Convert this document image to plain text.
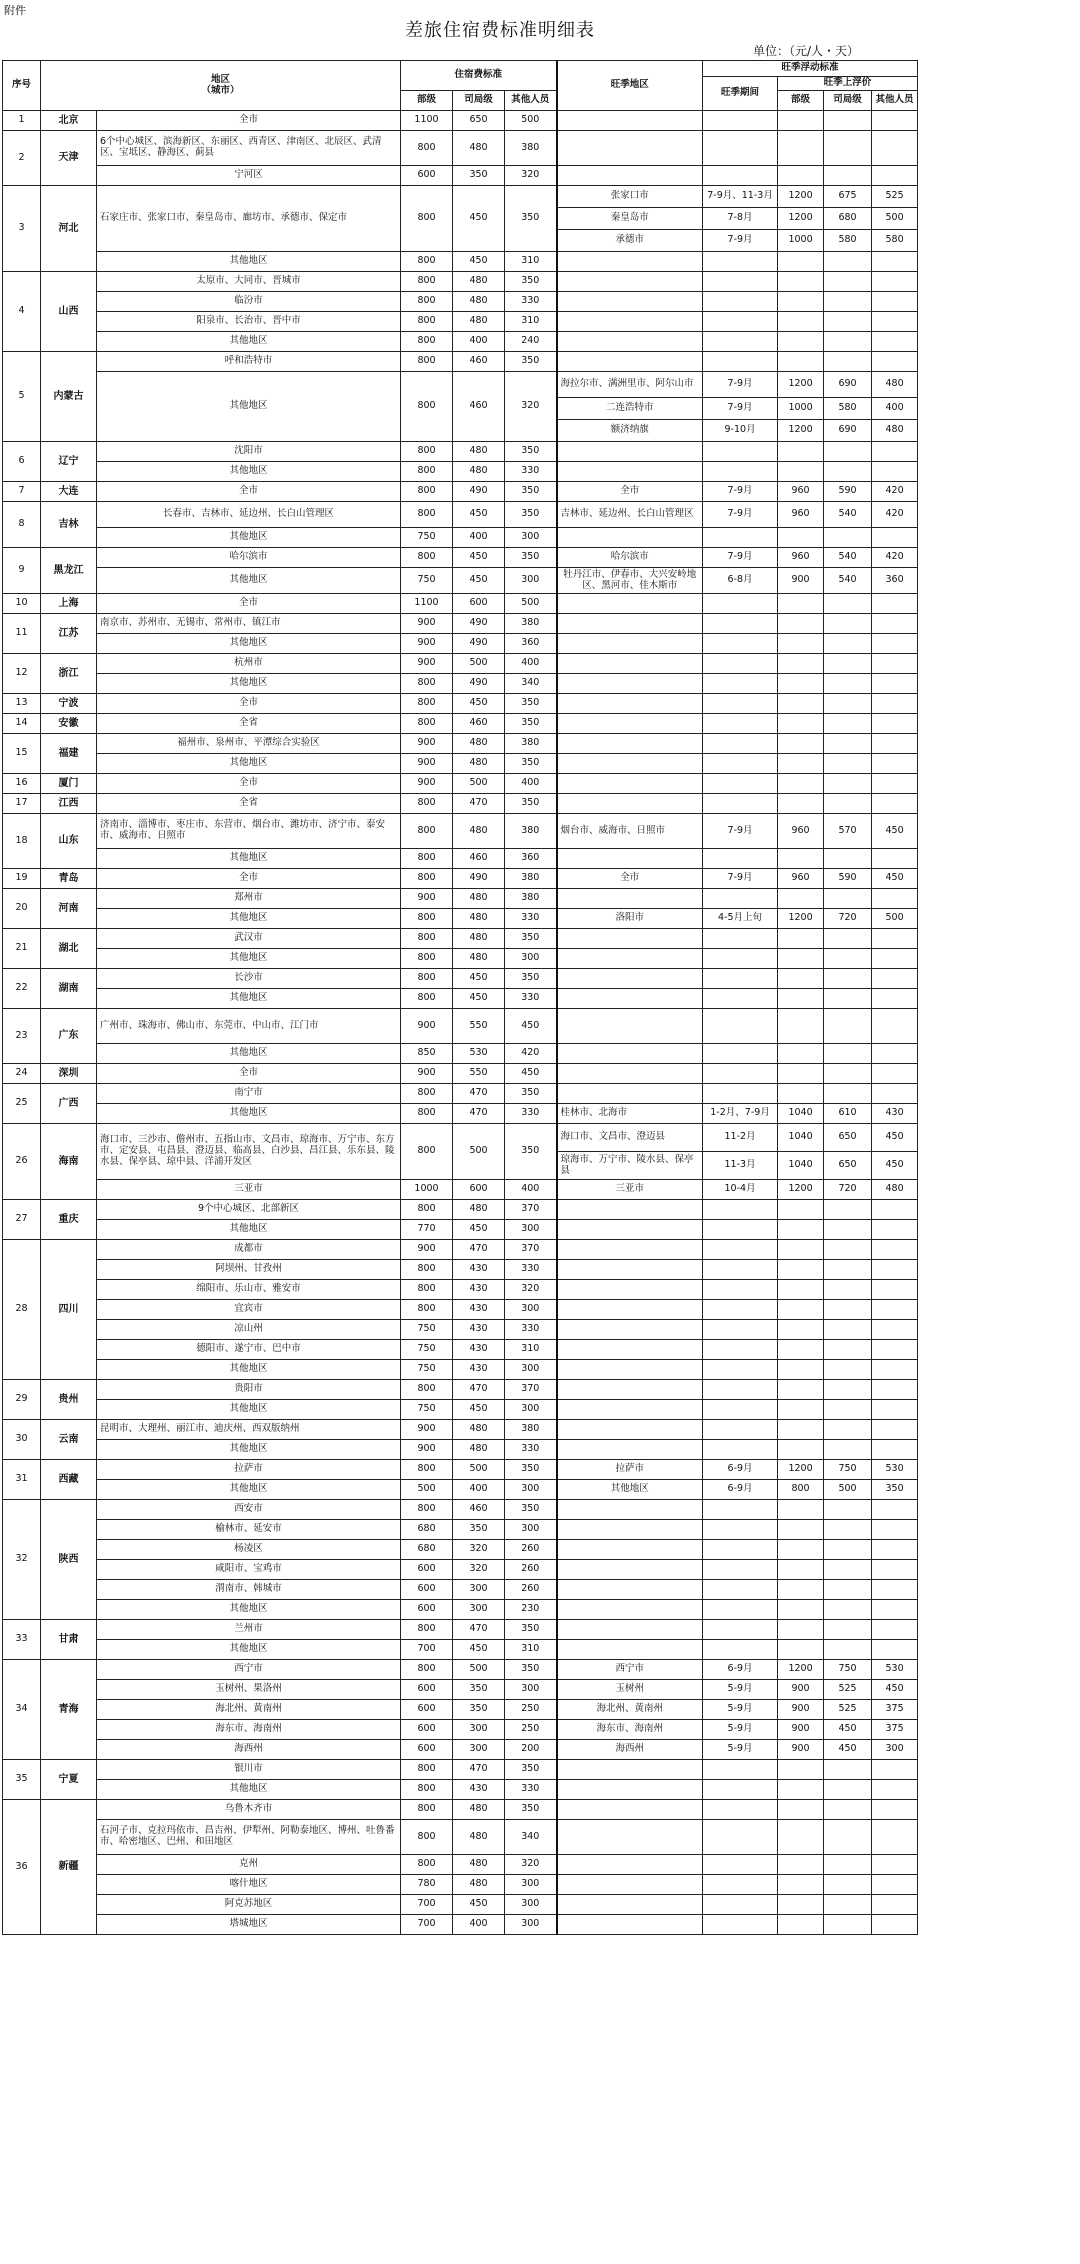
附件
差旅住宿费标准明细表
单位：（元/人・天）
序号	地区
（城市）		住宿费标准			旺季地区	旺季浮动标准			
							旺季期间	旺季上浮价		
			部级	司局级	其他人员			部级	司局级	其他人员

1	北京	全市	1100	650	500					
2	天津	6个中心城区、滨海新区、东丽区、西青区、津南区、北辰区、武清区、宝坻区、静海区、蓟县	800	480	380					
		宁河区	600	350	320					
3	河北	石家庄市、张家口市、秦皇岛市、廊坊市、承德市、保定市	800	450	350	张家口市	7-9月、11-3月	1200	675	525
						秦皇岛市	7-8月	1200	680	500
						承德市	7-9月	1000	580	580
		其他地区	800	450	310					
4	山西	太原市、大同市、晋城市	800	480	350					
		临汾市	800	480	330					
		阳泉市、长治市、晋中市	800	480	310					
		其他地区	800	400	240					
5	内蒙古	呼和浩特市	800	460	350					
		其他地区	800	460	320	海拉尔市、满洲里市、阿尔山市	7-9月	1200	690	480
						二连浩特市	7-9月	1000	580	400
						额济纳旗	9-10月	1200	690	480
6	辽宁	沈阳市	800	480	350					
		其他地区	800	480	330					
7	大连	全市	800	490	350	全市	7-9月	960	590	420
8	吉林	长春市、吉林市、延边州、长白山管理区	800	450	350	吉林市、延边州、长白山管理区	7-9月	960	540	420
		其他地区	750	400	300					
9	黑龙江	哈尔滨市	800	450	350	哈尔滨市	7-9月	960	540	420
		其他地区	750	450	300	牡丹江市、伊春市、大兴安岭地区、黑河市、佳木斯市	6-8月	900	540	360
10	上海	全市	1100	600	500					
11	江苏	南京市、苏州市、无锡市、常州市、镇江市	900	490	380					
		其他地区	900	490	360					
12	浙江	杭州市	900	500	400					
		其他地区	800	490	340					
13	宁波	全市	800	450	350					
14	安徽	全省	800	460	350					
15	福建	福州市、泉州市、平潭综合实验区	900	480	380					
		其他地区	900	480	350					
16	厦门	全市	900	500	400					
17	江西	全省	800	470	350					
18	山东	济南市、淄博市、枣庄市、东营市、烟台市、潍坊市、济宁市、泰安市、威海市、日照市	800	480	380	烟台市、威海市、日照市	7-9月	960	570	450
		其他地区	800	460	360					
19	青岛	全市	800	490	380	全市	7-9月	960	590	450
20	河南	郑州市	900	480	380					
		其他地区	800	480	330	洛阳市	4-5月上旬	1200	720	500
21	湖北	武汉市	800	480	350					
		其他地区	800	480	300					
22	湖南	长沙市	800	450	350					
		其他地区	800	450	330					
23	广东	广州市、珠海市、佛山市、东莞市、中山市、江门市	900	550	450					
		其他地区	850	530	420					
24	深圳	全市	900	550	450					
25	广西	南宁市	800	470	350					
		其他地区	800	470	330	桂林市、北海市	1-2月、7-9月	1040	610	430
26	海南	海口市、三沙市、儋州市、五指山市、文昌市、琼海市、万宁市、东方市、定安县、屯昌县、澄迈县、临高县、白沙县、昌江县、乐东县、陵水县、保亭县、琼中县、洋浦开发区	800	500	350	海口市、文昌市、澄迈县	11-2月	1040	650	450
						琼海市、万宁市、陵水县、保亭县	11-3月	1040	650	450
		三亚市	1000	600	400	三亚市	10-4月	1200	720	480
27	重庆	9个中心城区、北部新区	800	480	370					
		其他地区	770	450	300					
28	四川	成都市	900	470	370					
		阿坝州、甘孜州	800	430	330					
		绵阳市、乐山市、雅安市	800	430	320					
		宜宾市	800	430	300					
		凉山州	750	430	330					
		德阳市、遂宁市、巴中市	750	430	310					
		其他地区	750	430	300					
29	贵州	贵阳市	800	470	370					
		其他地区	750	450	300					
30	云南	昆明市、大理州、丽江市、迪庆州、西双版纳州	900	480	380					
		其他地区	900	480	330					
31	西藏	拉萨市	800	500	350	拉萨市	6-9月	1200	750	530
		其他地区	500	400	300	其他地区	6-9月	800	500	350
32	陕西	西安市	800	460	350					
		榆林市、延安市	680	350	300					
		杨凌区	680	320	260					
		咸阳市、宝鸡市	600	320	260					
		渭南市、韩城市	600	300	260					
		其他地区	600	300	230					
33	甘肃	兰州市	800	470	350					
		其他地区	700	450	310					
34	青海	西宁市	800	500	350	西宁市	6-9月	1200	750	530
		玉树州、果洛州	600	350	300	玉树州	5-9月	900	525	450
		海北州、黄南州	600	350	250	海北州、黄南州	5-9月	900	525	375
		海东市、海南州	600	300	250	海东市、海南州	5-9月	900	450	375
		海西州	600	300	200	海西州	5-9月	900	450	300
35	宁夏	银川市	800	470	350					
		其他地区	800	430	330					
36	新疆	乌鲁木齐市	800	480	350					
		石河子市、克拉玛依市、昌吉州、伊犁州、阿勒泰地区、博州、吐鲁番市、哈密地区、巴州、和田地区	800	480	340					
		克州	800	480	320					
		喀什地区	780	480	300					
		阿克苏地区	700	450	300					
		塔城地区	700	400	300					
